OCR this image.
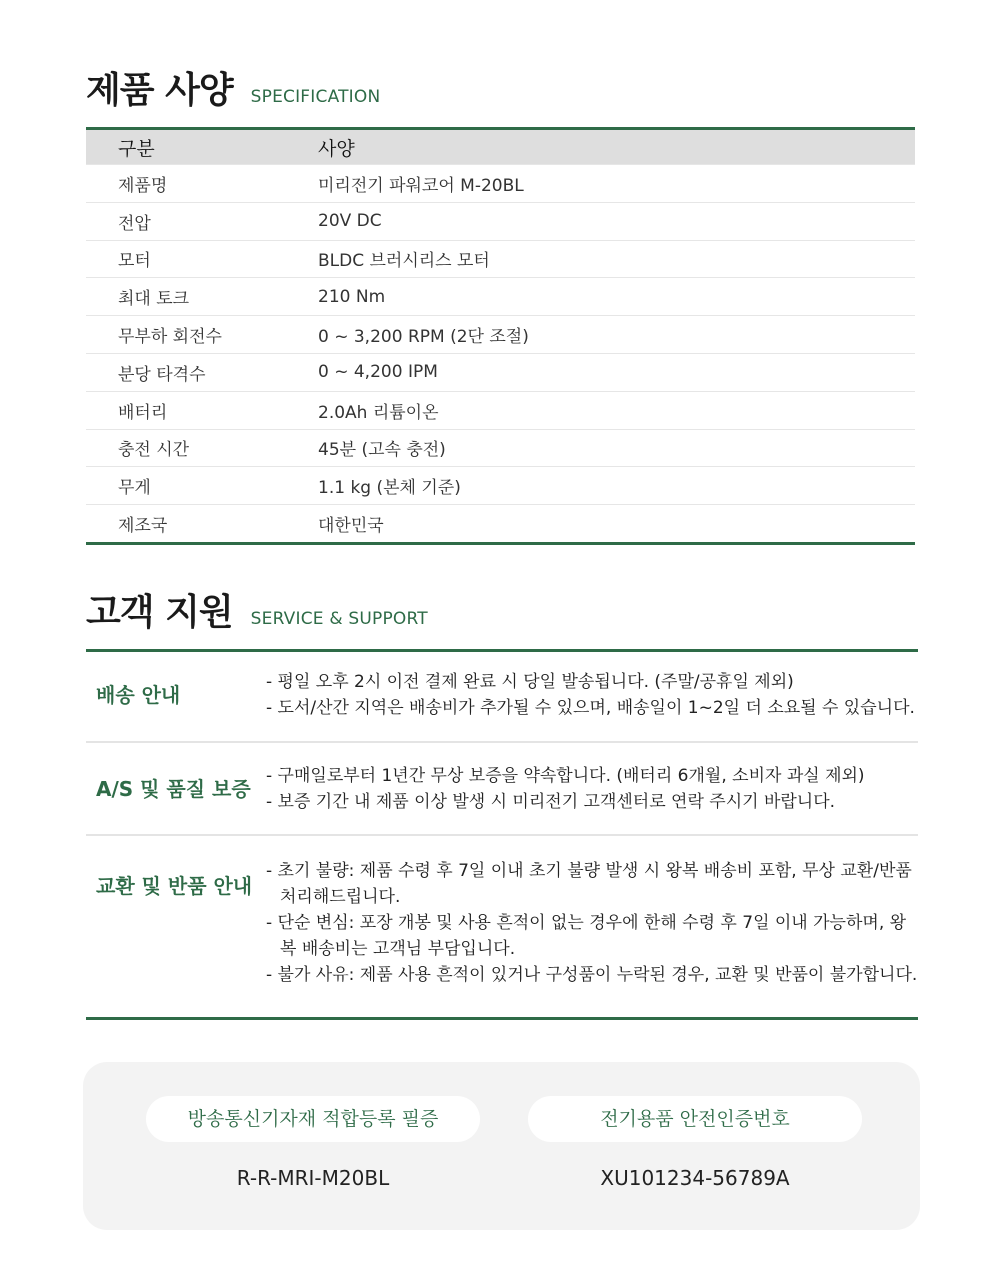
제품 사양 SPECIFICATION
구분	사양
제품명	미리전기 파워코어 M-20BL
전압	20V DC
모터	BLDC 브러시리스 모터
최대 토크	210 Nm
무부하 회전수	0 ~ 3,200 RPM (2단 조절)
분당 타격수	0 ~ 4,200 IPM
배터리	2.0Ah 리튬이온
충전 시간	45분 (고속 충전)
무게	1.1 kg (본체 기준)
제조국	대한민국
고객 지원 SERVICE & SUPPORT
배송 안내
- 평일 오후 2시 이전 결제 완료 시 당일 발송됩니다. (주말/공휴일 제외)
- 도서/산간 지역은 배송비가 추가될 수 있으며, 배송일이 1~2일 더 소요될 수 있습니다.
A/S 및 품질 보증
- 구매일로부터 1년간 무상 보증을 약속합니다. (배터리 6개월, 소비자 과실 제외)
- 보증 기간 내 제품 이상 발생 시 미리전기 고객센터로 연락 주시기 바랍니다.
교환 및 반품 안내
- 초기 불량: 제품 수령 후 7일 이내 초기 불량 발생 시 왕복 배송비 포함, 무상 교환/반품 처리해드립니다.
- 단순 변심: 포장 개봉 및 사용 흔적이 없는 경우에 한해 수령 후 7일 이내 가능하며, 왕복 배송비는 고객님 부담입니다.
- 불가 사유: 제품 사용 흔적이 있거나 구성품이 누락된 경우, 교환 및 반품이 불가합니다.
방송통신기자재 적합등록 필증
R-R-MRI-M20BL
전기용품 안전인증번호
XU101234-56789A
